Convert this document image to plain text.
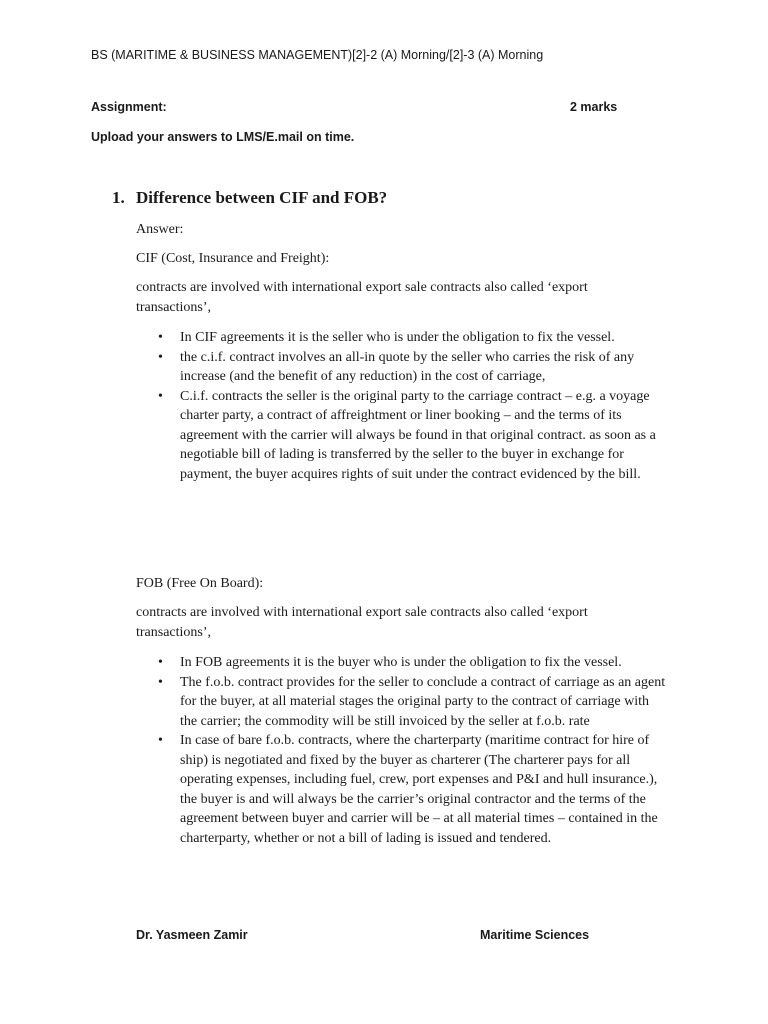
BS (MARITIME & BUSINESS MANAGEMENT)[2]-2 (A) Morning/[2]-3 (A) Morning
Assignment:	2 marks
Upload your answers to LMS/E.mail on time.
1. Difference between CIF and FOB?
Answer:
CIF (Cost, Insurance and Freight):
contracts are involved with international export sale contracts also called ‘export transactions’,
• In CIF agreements it is the seller who is under the obligation to fix the vessel.
• the c.i.f. contract involves an all-in quote by the seller who carries the risk of any increase (and the benefit of any reduction) in the cost of carriage,
• C.i.f. contracts the seller is the original party to the carriage contract – e.g. a voyage charter party, a contract of affreightment or liner booking – and the terms of its agreement with the carrier will always be found in that original contract. as soon as a negotiable bill of lading is transferred by the seller to the buyer in exchange for payment, the buyer acquires rights of suit under the contract evidenced by the bill.
FOB (Free On Board):
contracts are involved with international export sale contracts also called ‘export transactions’,
• In FOB agreements it is the buyer who is under the obligation to fix the vessel.
• The f.o.b. contract provides for the seller to conclude a contract of carriage as an agent for the buyer, at all material stages the original party to the contract of carriage with the carrier; the commodity will be still invoiced by the seller at f.o.b. rate
• In case of bare f.o.b. contracts, where the charterparty (maritime contract for hire of ship) is negotiated and fixed by the buyer as charterer (The charterer pays for all operating expenses, including fuel, crew, port expenses and P&I and hull insurance.), the buyer is and will always be the carrier’s original contractor and the terms of the agreement between buyer and carrier will be – at all material times – contained in the charterparty, whether or not a bill of lading is issued and tendered.
Dr. Yasmeen Zamir	Maritime Sciences
